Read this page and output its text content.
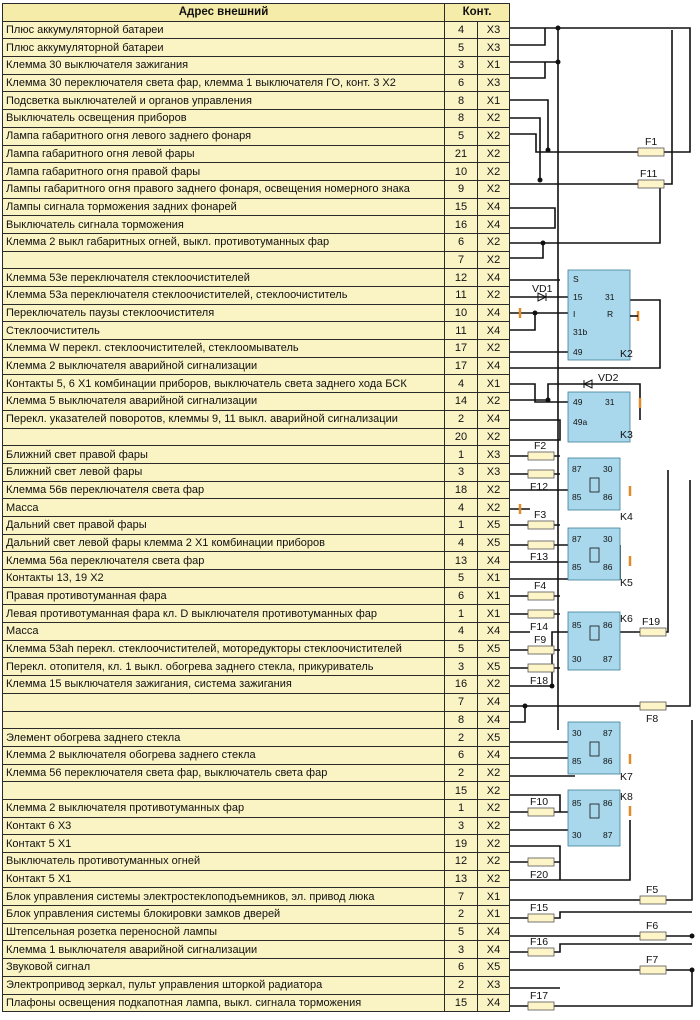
Адрес внешний	Конт.	
Плюс аккумуляторной батареи	4	X3
Плюс аккумуляторной батареи	5	X3
Клемма 30 выключателя зажигания	3	X1
Клемма 30 переключателя света фар, клемма 1 выключателя ГО, конт. 3 X2	6	X3
Подсветка выключателей и органов управления	8	X1
Выключатель освещения приборов	8	X2
Лампа габаритного огня левого заднего фонаря	5	X2
Лампа габаритного огня левой фары	21	X2
Лампа габаритного огня правой фары	10	X2
Лампы габаритного огня правого заднего фонаря, освещения номерного знака	9	X2
Лампы сигнала торможения задних фонарей	15	X4
Выключатель сигнала торможения	16	X4
Клемма 2 выкл габаритных огней, выкл. противотуманных фар	6	X2
	7	X2
Клемма 53е переключателя стеклоочистителей	12	X4
Клемма 53а переключателя стеклоочистителей, стеклоочиститель	11	X2
Переключатель паузы стеклоочистителя	10	X4
Стеклоочиститель	11	X4
Клемма W перекл. стеклоочистителей, стеклоомыватель	17	X2
Клемма 2 выключателя аварийной сигнализации	17	X4
Контакты 5, 6 X1 комбинации приборов, выключатель света заднего хода БСК	4	X1
Клемма 5 выключателя аварийной сигнализации	14	X2
Перекл. указателей поворотов, клеммы 9, 11 выкл. аварийной сигнализации	2	X4
	20	X2
Ближний свет правой фары	1	X3
Ближний свет левой фары	3	X3
Клемма 56в переключателя света фар	18	X2
Масса	4	X2
Дальний свет правой фары	1	X5
Дальний свет левой фары клемма 2 X1 комбинации приборов	4	X5
Клемма 56а переключателя света фар	13	X4
Контакты 13, 19 X2	5	X1
Правая противотуманная фара	6	X1
Левая противотуманная фара кл. D выключателя противотуманных фар	1	X1
Масса	4	X4
Клемма 53ah перекл. стеклоочистителей, моторедукторы стеклоочистителей	5	X5
Перекл. отопителя, кл. 1 выкл. обогрева заднего стекла, прикуриватель	3	X5
Клемма 15 выключателя зажигания, система зажигания	16	X2
	7	X4
	8	X4
Элемент обогрева заднего стекла	2	X5
Клемма 2 выключателя обогрева заднего стекла	6	X4
Клемма 56 переключателя света фар, выключатель света фар	2	X2
	15	X2
Клемма 2 выключателя противотуманных фар	1	X2
Контакт 6 X3	3	X2
Контакт 5 X1	19	X2
Выключатель противотуманных огней	12	X2
Контакт 5 X1	13	X2
Блок управления системы электростеклоподъемников, эл. привод люка	7	X1
Блок управления системы блокировки замков дверей	2	X1
Штепсельная розетка переносной лампы	5	X4
Клемма 1 выключателя аварийной сигнализации	3	X4
Звуковой сигнал	6	X5
Электропривод зеркал, пульт управления шторкой радиатора	2	X3
Плафоны освещения подкапотная лампа, выкл. сигнала торможения	15	X4
F1
F11
F2
F12
F3
F13
F4
F14
F9
F18
F19
F8
F10
F20
F5
F15
F6
F16
F7
F17
S
15	31
I	R
31b
49	K2
VD1
49	31
49a
K3
VD2
87	30
85	86
K4
87	30
85	86
K5
85	86
30	87
K6
30	87
85	86
K7
85	86
30	87
K8
